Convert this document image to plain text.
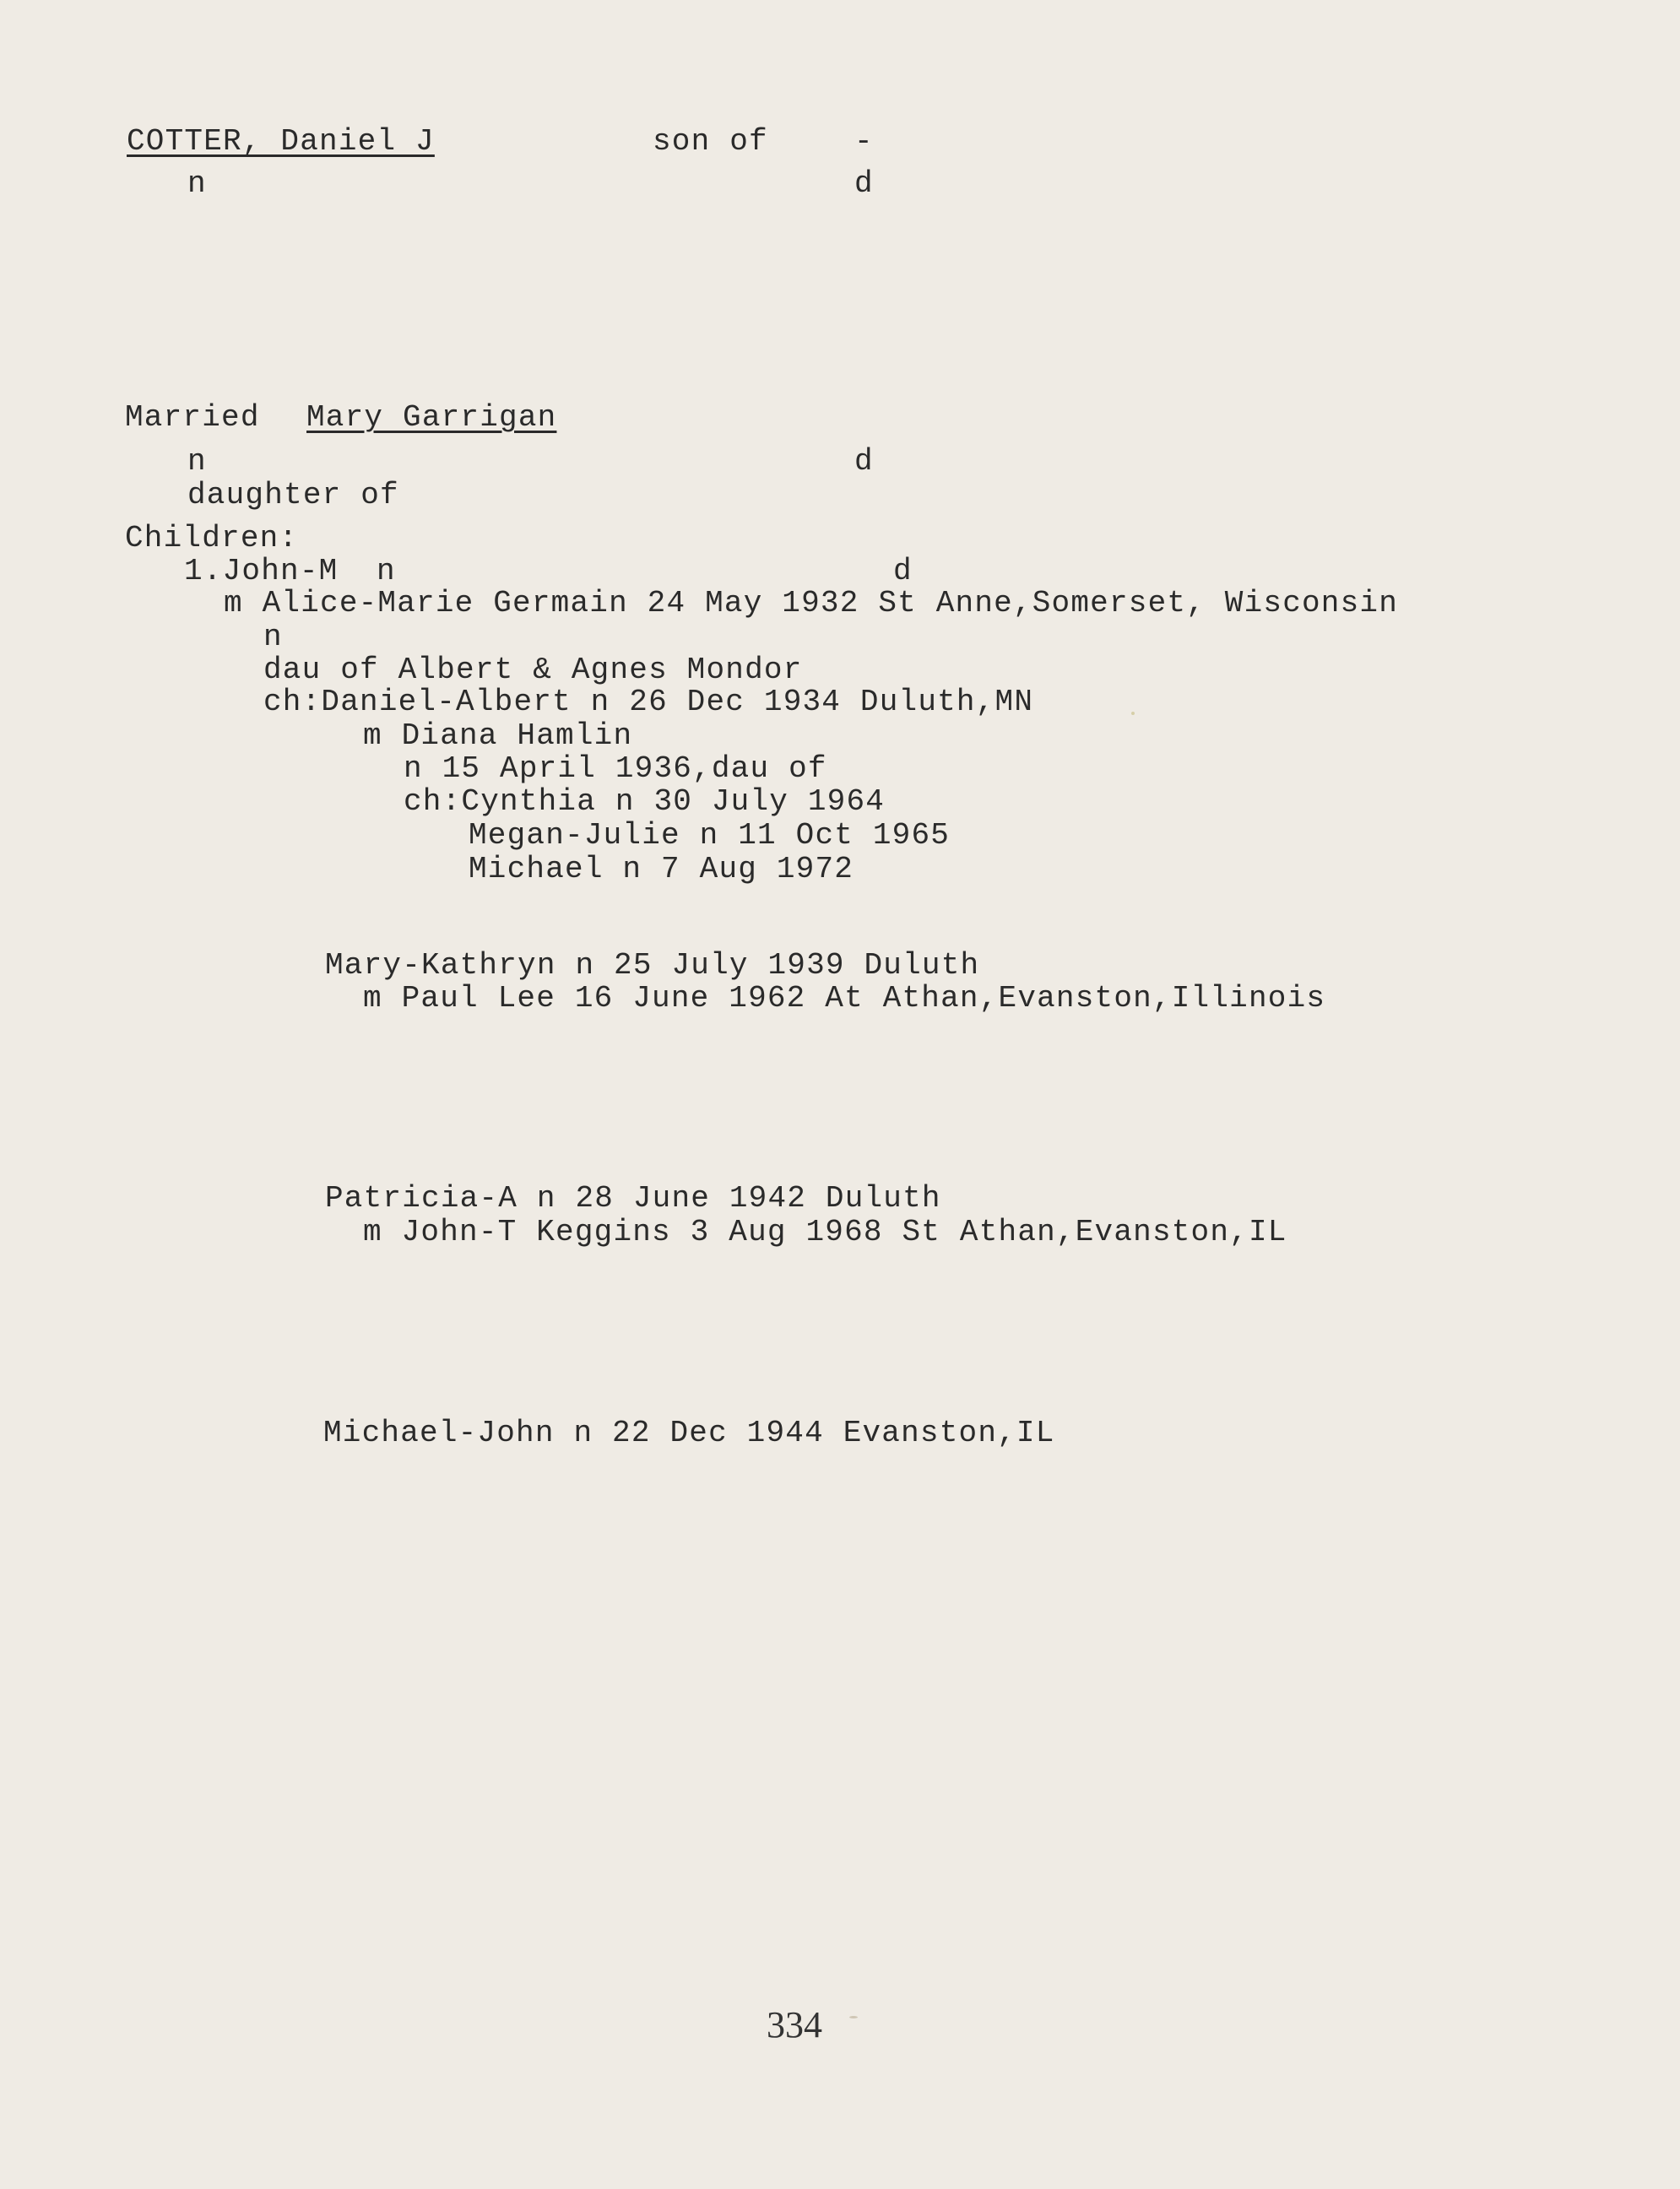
COTTER, Daniel J	son of	-
n	d
Married Mary Garrigan
n	d
daughter of
Children:
1.John-M  n	d
m Alice-Marie Germain 24 May 1932 St Anne,Somerset, Wisconsin
n
dau of Albert & Agnes Mondor
ch:Daniel-Albert n 26 Dec 1934 Duluth,MN
m Diana Hamlin
n 15 April 1936,dau of
ch:Cynthia n 30 July 1964
Megan-Julie n 11 Oct 1965
Michael n 7 Aug 1972
Mary-Kathryn n 25 July 1939 Duluth
m Paul Lee 16 June 1962 At Athan,Evanston,Illinois
Patricia-A n 28 June 1942 Duluth
m John-T Keggins 3 Aug 1968 St Athan,Evanston,IL
Michael-John n 22 Dec 1944 Evanston,IL
334
